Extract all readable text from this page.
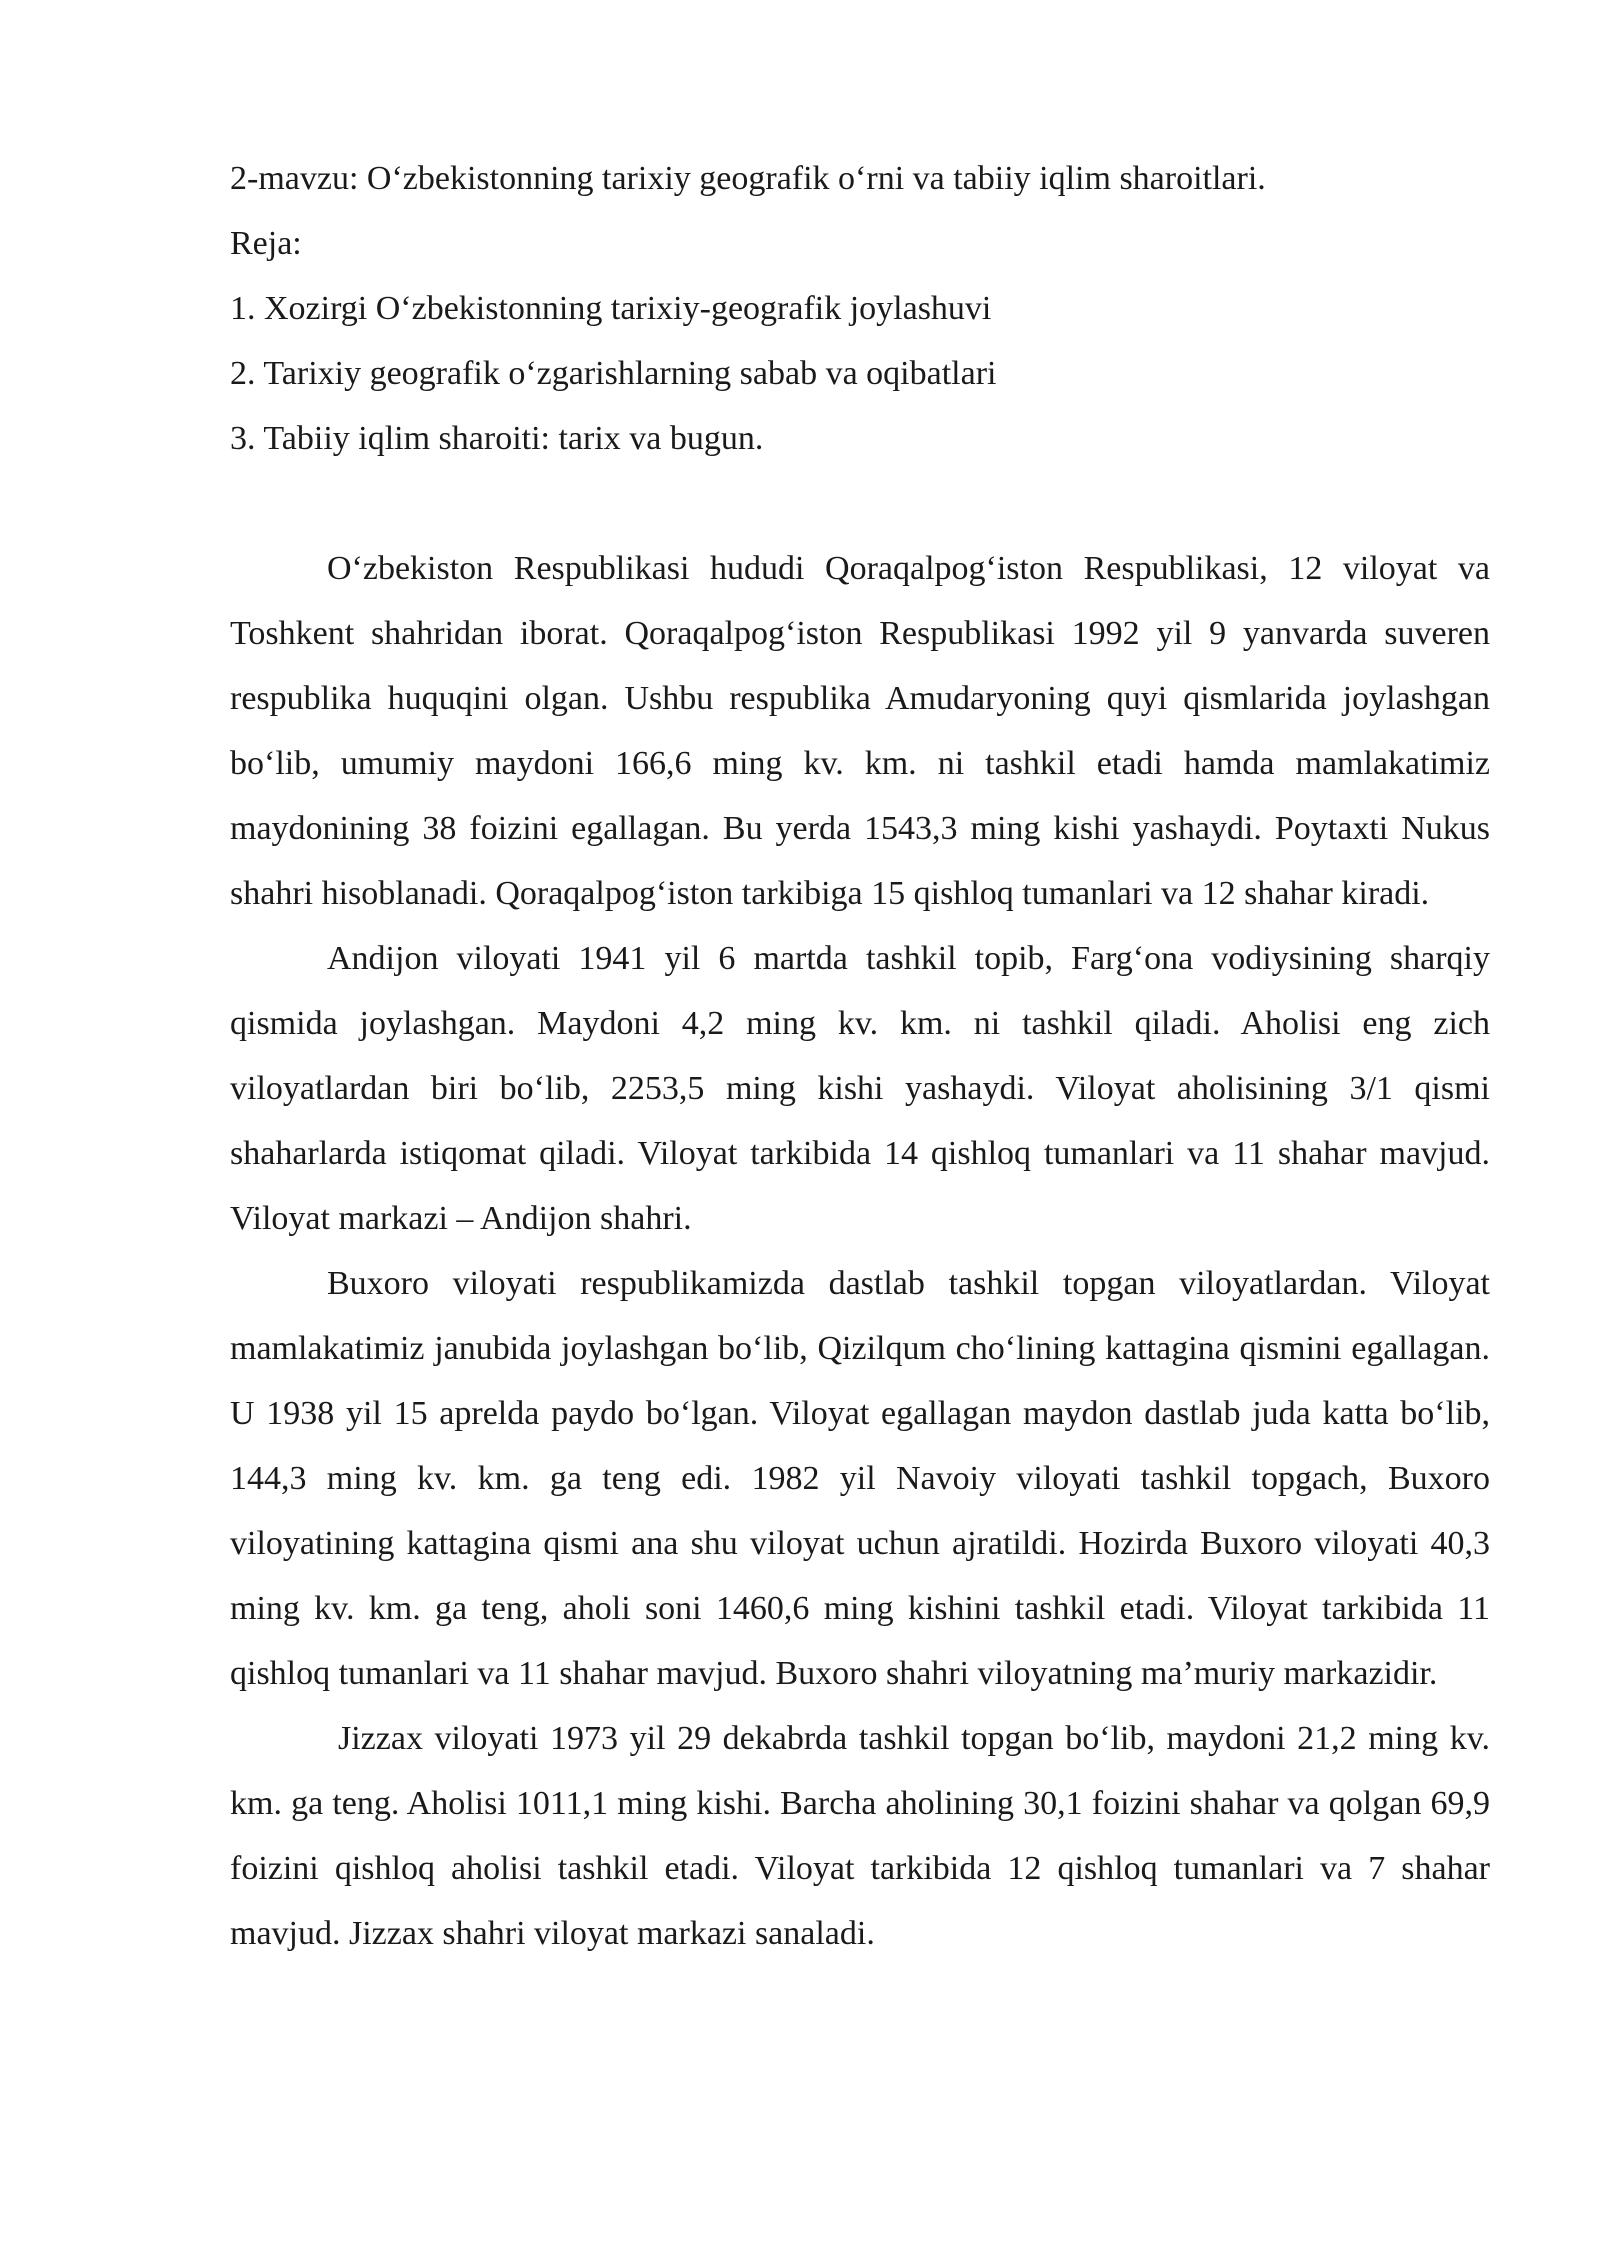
2-mavzu: O‘zbekistonning tarixiy geografik o‘rni va tabiiy iqlim sharoitlari.

Reja:

1. Xozirgi O‘zbekistonning tarixiy-geografik joylashuvi

2. Tarixiy geografik o‘zgarishlarning sabab va oqibatlari

3. Tabiiy iqlim sharoiti: tarix va bugun.

O‘zbekiston Respublikasi hududi Qoraqalpog‘iston Respublikasi, 12 viloyat va Toshkent shahridan iborat. Qoraqalpog‘iston Respublikasi 1992 yil 9 yanvarda suveren respublika huquqini olgan. Ushbu respublika Amudaryoning quyi qismlarida joylashgan bo‘lib, umumiy maydoni 166,6 ming kv. km. ni tashkil etadi hamda mamlakatimiz maydonining 38 foizini egallagan. Bu yerda 1543,3 ming kishi yashaydi. Poytaxti Nukus shahri hisoblanadi. Qoraqalpog‘iston tarkibiga 15 qishloq tumanlari va 12 shahar kiradi.

Andijon viloyati 1941 yil 6 martda tashkil topib, Farg‘ona vodiysining sharqiy qismida joylashgan. Maydoni 4,2 ming kv. km. ni tashkil qiladi. Aholisi eng zich viloyatlardan biri bo‘lib, 2253,5 ming kishi yashaydi. Viloyat aholisining 3/1 qismi shaharlarda istiqomat qiladi. Viloyat tarkibida 14 qishloq tumanlari va 11 shahar mavjud. Viloyat markazi – Andijon shahri.

Buxoro viloyati respublikamizda dastlab tashkil topgan viloyatlardan. Viloyat mamlakatimiz janubida joylashgan bo‘lib, Qizilqum cho‘lining kattagina qismini egallagan. U 1938 yil 15 aprelda paydo bo‘lgan. Viloyat egallagan maydon dastlab juda katta bo‘lib, 144,3 ming kv. km. ga teng edi. 1982 yil Navoiy viloyati tashkil topgach, Buxoro viloyatining kattagina qismi ana shu viloyat uchun ajratildi. Hozirda Buxoro viloyati 40,3 ming kv. km. ga teng, aholi soni 1460,6 ming kishini tashkil etadi. Viloyat tarkibida 11 qishloq tumanlari va 11 shahar mavjud. Buxoro shahri viloyatning ma’muriy markazidir.

Jizzax viloyati 1973 yil 29 dekabrda tashkil topgan bo‘lib, maydoni 21,2 ming kv. km. ga teng. Aholisi 1011,1 ming kishi. Barcha aholining 30,1 foizini shahar va qolgan 69,9 foizini qishloq aholisi tashkil etadi. Viloyat tarkibida 12 qishloq tumanlari va 7 shahar mavjud. Jizzax shahri viloyat markazi sanaladi.
